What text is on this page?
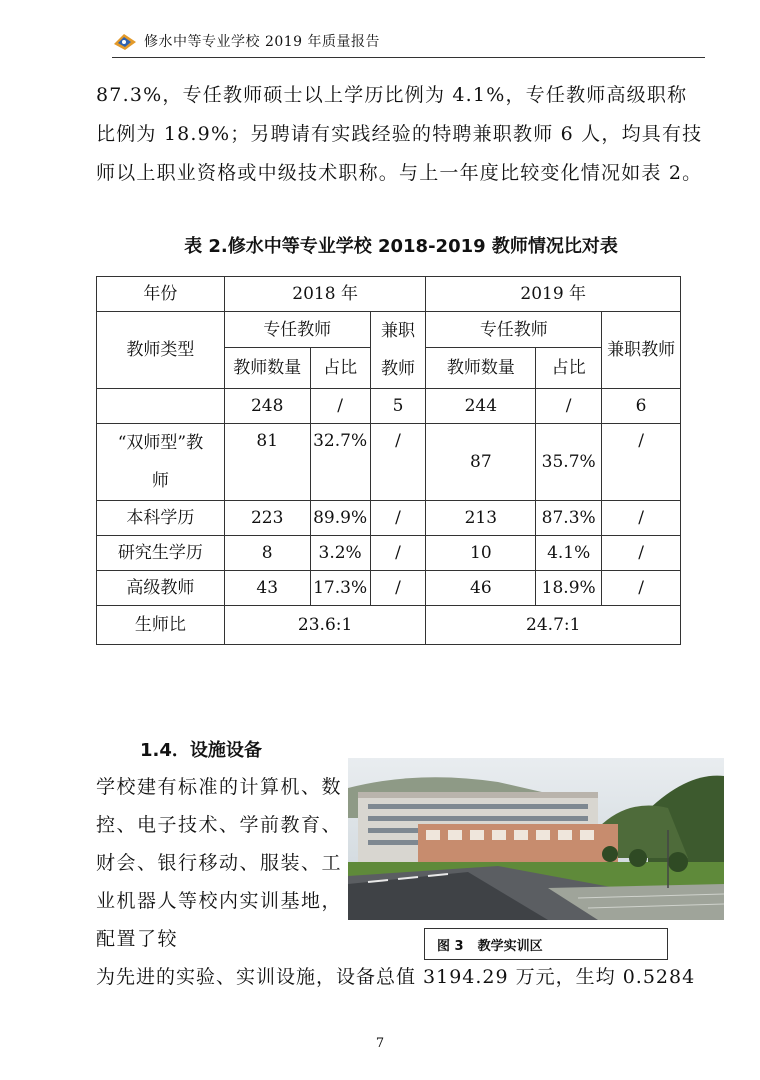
修水中等专业学校 2019 年质量报告

87.3%，专任教师硕士以上学历比例为 4.1%，专任教师高级职称比例为 18.9%；另聘请有实践经验的特聘兼职教师 6 人，均具有技师以上职业资格或中级技术职称。与上一年度比较变化情况如表 2。

表 2.修水中等专业学校 2018-2019 教师情况比对表

年份	2018 年			2019 年		
教师类型	专任教师		兼职教师	专任教师		兼职教师
	教师数量	占比		教师数量	占比	
	248	/	5	244	/	6
“双师型”教师	81	32.7%	/	87	35.7%	/
本科学历	223	89.9%	/	213	87.3%	/
研究生学历	8	3.2%	/	10	4.1%	/
高级教师	43	17.3%	/	46	18.9%	/
生师比	23.6:1			24.7:1		

1.4．设施设备

学校建有标准的计算机、数控、电子技术、学前教育、财会、银行移动、服装、工业机器人等校内实训基地，配置了较	图 3 教学实训区

为先进的实验、实训设施，设备总值 3194.29 万元，生均 0.5284

7
